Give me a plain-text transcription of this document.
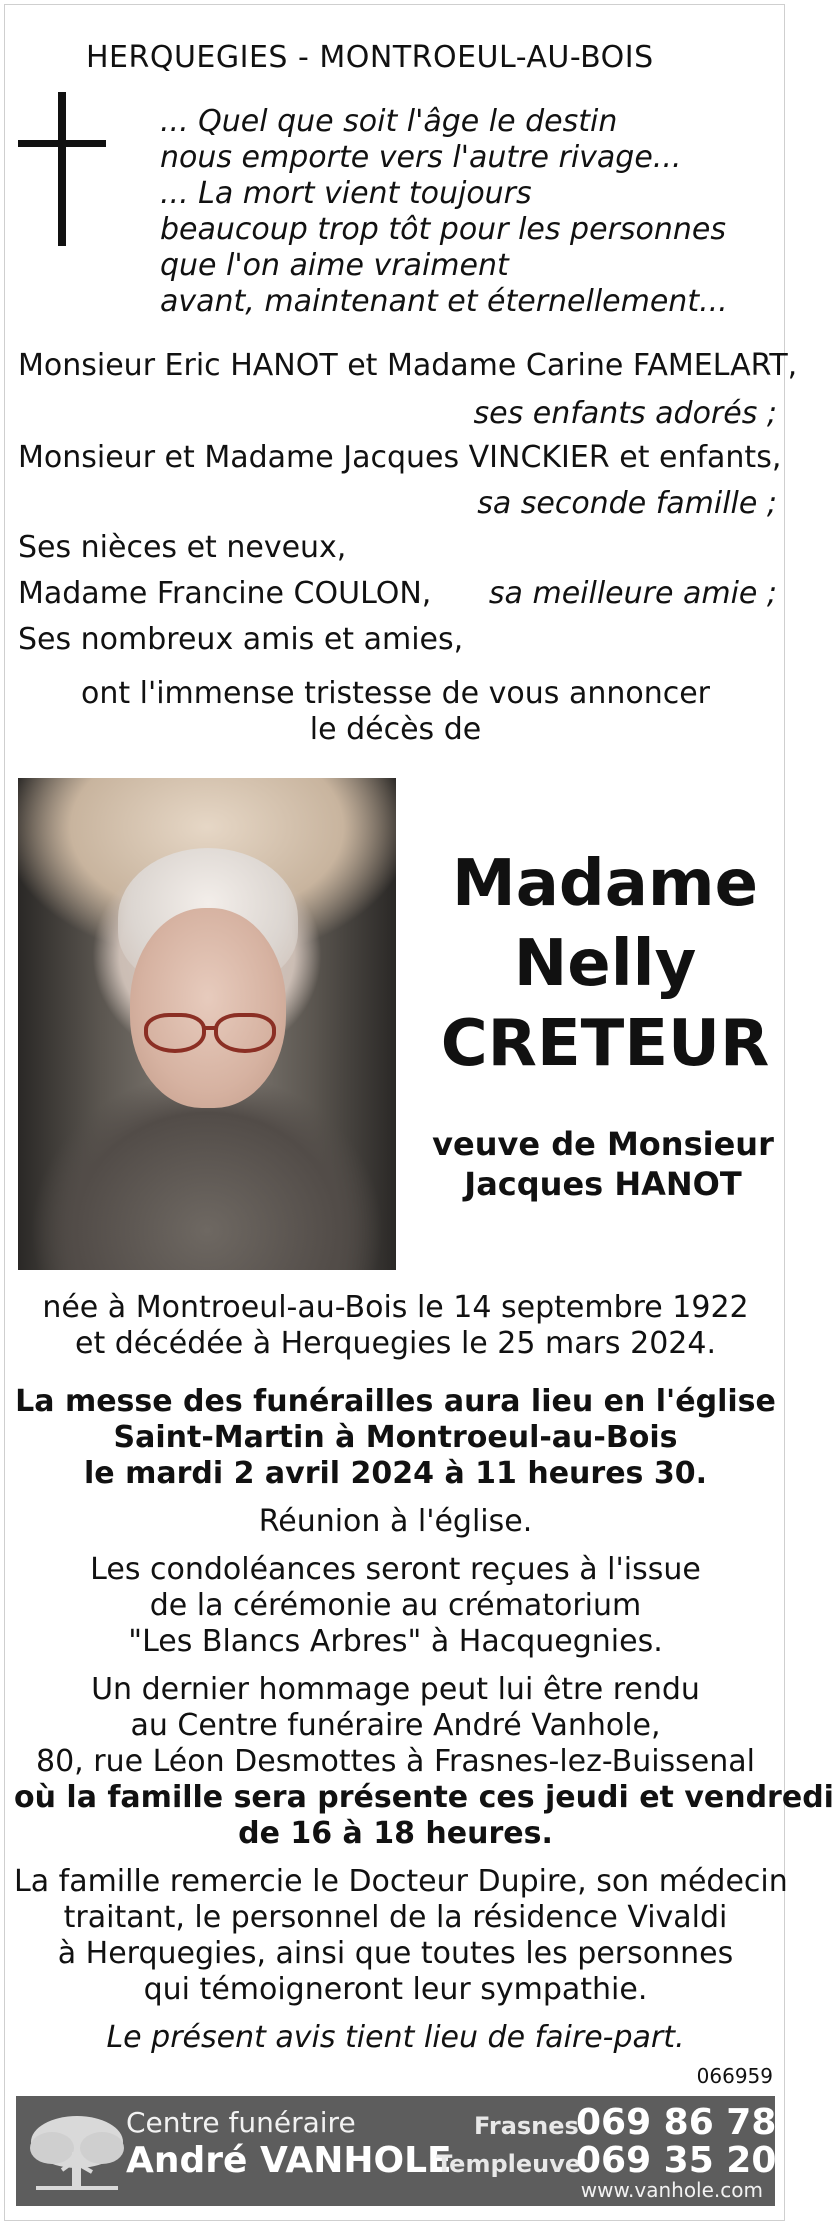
HERQUEGIES - MONTROEUL-AU-BOIS
... Quel que soit l'âge le destin
nous emporte vers l'autre rivage...
... La mort vient toujours
beaucoup trop tôt pour les personnes
que l'on aime vraiment
avant, maintenant et éternellement...
Monsieur Eric HANOT et Madame Carine FAMELART,
ses enfants adorés ;
Monsieur et Madame Jacques VINCKIER et enfants,
sa seconde famille ;
Ses nièces et neveux,
Madame Francine COULON, sa meilleure amie ;
Ses nombreux amis et amies,
ont l'immense tristesse de vous annoncer
le décès de
Madame
Nelly
CRETEUR
veuve de Monsieur
Jacques HANOT
née à Montroeul-au-Bois le 14 septembre 1922
et décédée à Herquegies le 25 mars 2024.
La messe des funérailles aura lieu en l'église
Saint-Martin à Montroeul-au-Bois
le mardi 2 avril 2024 à 11 heures 30.
Réunion à l'église.
Les condoléances seront reçues à l'issue
de la cérémonie au crématorium
"Les Blancs Arbres" à Hacquegnies.
Un dernier hommage peut lui être rendu
au Centre funéraire André Vanhole,
80, rue Léon Desmottes à Frasnes-lez-Buissenal
où la famille sera présente ces jeudi et vendredi
de 16 à 18 heures.
La famille remercie le Docteur Dupire, son médecin
traitant, le personnel de la résidence Vivaldi
à Herquegies, ainsi que toutes les personnes
qui témoigneront leur sympathie.
Le présent avis tient lieu de faire-part.
066959
Centre funéraire
André VANHOLE
Frasnes
069 86 78 04
Templeuve
069 35 20 19
www.vanhole.com
